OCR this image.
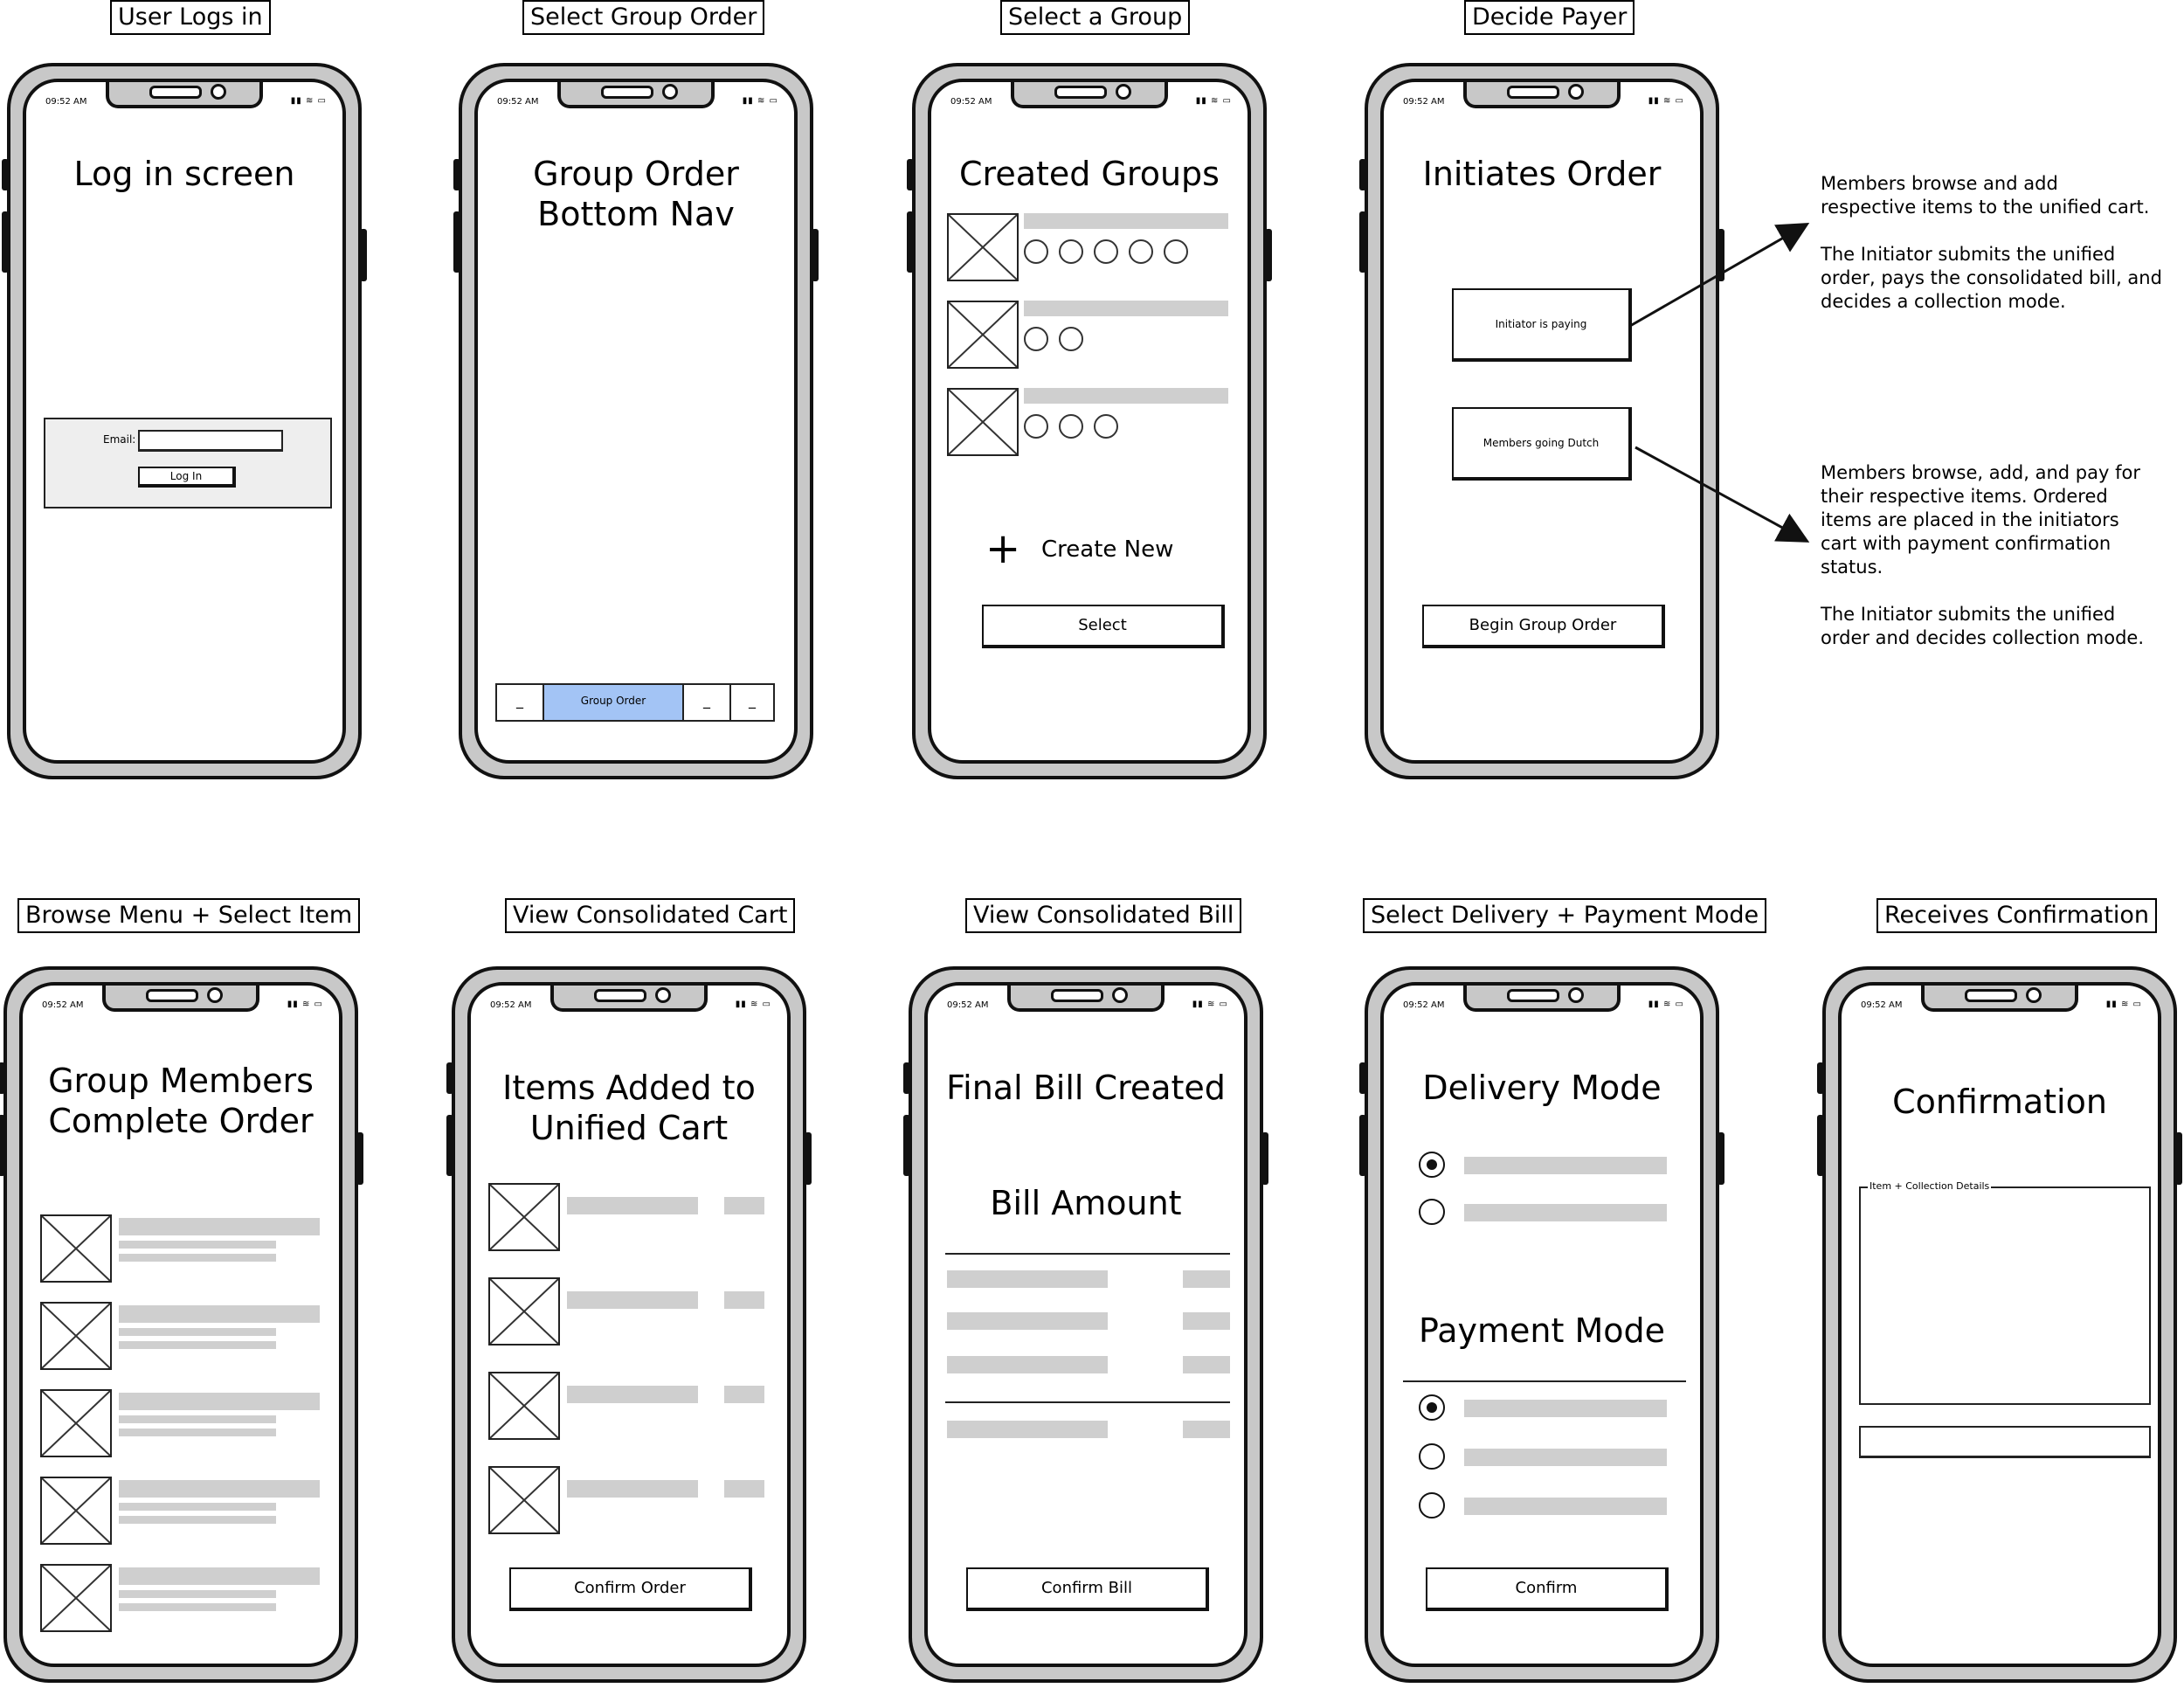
User Logs in	Select Group Order	Select a Group	Decide Payer
Browse Menu + Select Item	View Consolidated Cart	View Consolidated Bill	Select Delivery + Payment Mode	Receives Confirmation
09:52 AM	▮▮ ≋ ▭
Log in screen
Email:
Log In
09:52 AM	▮▮ ≋ ▭
Group Order
Bottom Nav
_	Group Order	_	_
09:52 AM	▮▮ ≋ ▭
Created Groups
+ Create New
Select
09:52 AM	▮▮ ≋ ▭
Initiates Order
Initiator is paying
Members going Dutch
Begin Group Order
Members browse and add
respective items to the unified cart.

The Initiator submits the unified
order, pays the consolidated bill, and
decides a collection mode.
Members browse, add, and pay for
their respective items. Ordered
items are placed in the initiators
cart with payment confirmation
status.

The Initiator submits the unified
order and decides collection mode.
09:52 AM	▮▮ ≋ ▭
Group Members
Complete Order
09:52 AM	▮▮ ≋ ▭
Items Added to
Unified Cart
Confirm Order
09:52 AM	▮▮ ≋ ▭
Final Bill Created
Bill Amount
Confirm Bill
09:52 AM	▮▮ ≋ ▭
Delivery Mode
Payment Mode
Confirm
09:52 AM	▮▮ ≋ ▭
Confirmation
Item + Collection Details
